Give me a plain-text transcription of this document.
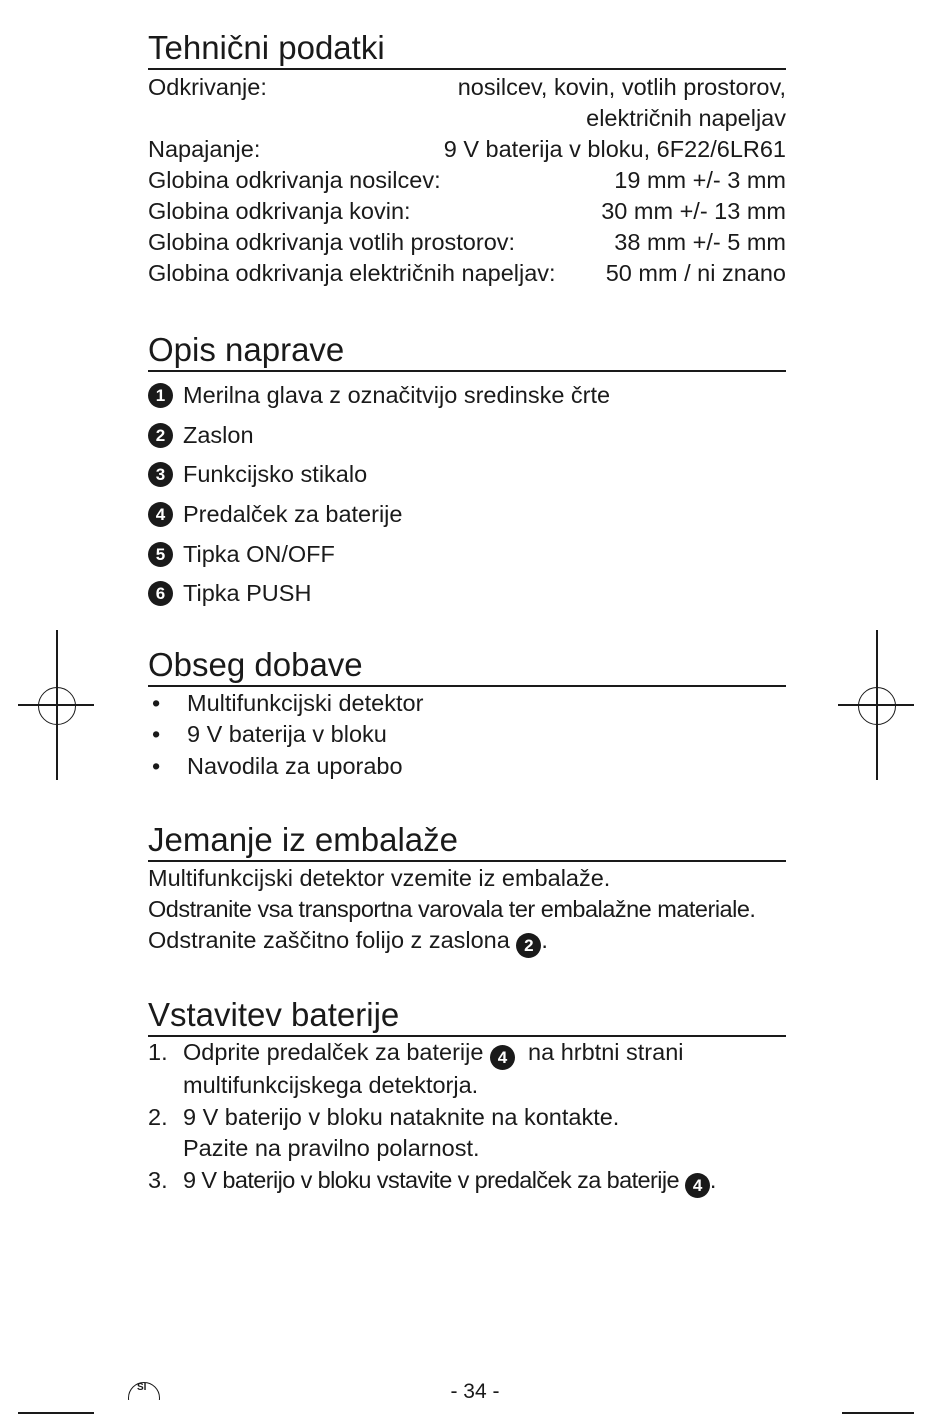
Tehnični podatki
Odkrivanje:	nosilcev, kovin, votlih prostorov,
električnih napeljav
Napajanje:	9 V baterija v bloku, 6F22/6LR61
Globina odkrivanja nosilcev:	19 mm +/- 3 mm
Globina odkrivanja kovin:	30 mm +/- 13 mm
Globina odkrivanja votlih prostorov:	38 mm +/- 5 mm
Globina odkrivanja električnih napeljav: 50 mm / ni znano
Opis naprave
1 Merilna glava z označitvijo sredinske črte
2 Zaslon
3 Funkcijsko stikalo
4 Predalček za baterije
5 Tipka ON/OFF
6 Tipka PUSH
Obseg dobave
•	Multifunkcijski detektor
•	9 V baterija v bloku
•	Navodila za uporabo
Jemanje iz embalaže
Multifunkcijski detektor vzemite iz embalaže.
Odstranite vsa transportna varovala ter embalažne materiale.
Odstranite zaščitno folijo z zaslona 2 .
Vstavitev baterije
1. Odprite predalček za baterije 4 na hrbtni strani
multifunkcijskega detektorja.
2. 9 V baterijo v bloku nataknite na kontakte.
Pazite na pravilno polarnost.
3. 9 V baterijo v bloku vstavite v predalček za baterije 4 .
SI	- 34 -
